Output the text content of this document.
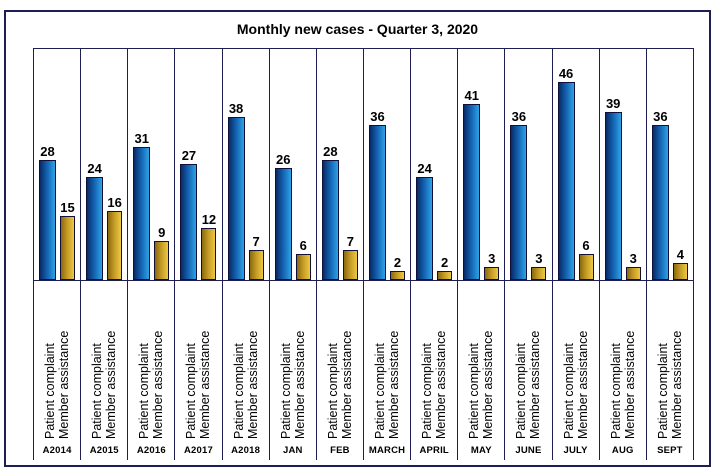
Monthly new cases - Quarter 3, 2020
28
15
Patient complaint Member assistance
A2014
24
16
Patient complaint Member assistance
A2015
31
9
Patient complaint Member assistance
A2016
27
12
Patient complaint Member assistance
A2017
38
7
Patient complaint Member assistance
A2018
26
6
Patient complaint Member assistance
JAN
28
7
Patient complaint Member assistance
FEB
36
2
Patient complaint Member assistance
MARCH
24
2
Patient complaint Member assistance
APRIL
41
3
Patient complaint Member assistance
MAY
36
3
Patient complaint Member assistance
JUNE
46
6
Patient complaint Member assistance
JULY
39
3
Patient complaint Member assistance
AUG
36
4
Patient complaint Member assistance
SEPT
